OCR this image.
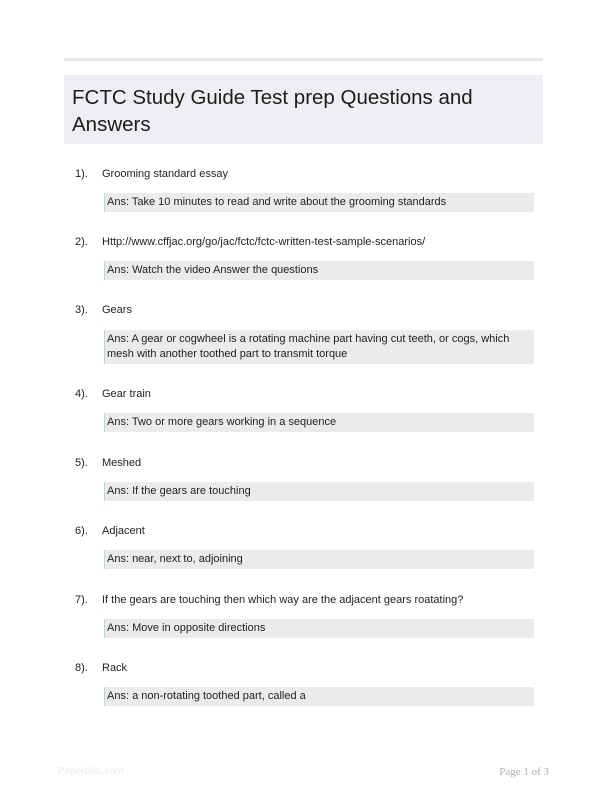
FCTC Study Guide Test prep Questions and Answers
1). Grooming standard essay
Ans: Take 10 minutes to read and write about the grooming standards
2). Http://www.cffjac.org/go/jac/fctc/fctc-written-test-sample-scenarios/
Ans: Watch the video Answer the questions
3). Gears
Ans: A gear or cogwheel is a rotating machine part having cut teeth, or cogs, which mesh with another toothed part to transmit torque
4). Gear train
Ans: Two or more gears working in a sequence
5). Meshed
Ans: If the gears are touching
6). Adjacent
Ans: near, next to, adjoining
7). If the gears are touching then which way are the adjacent gears roatating?
Ans: Move in opposite directions
8). Rack
Ans: a non-rotating toothed part, called a
Paperbliic.com	Page 1 of 3
